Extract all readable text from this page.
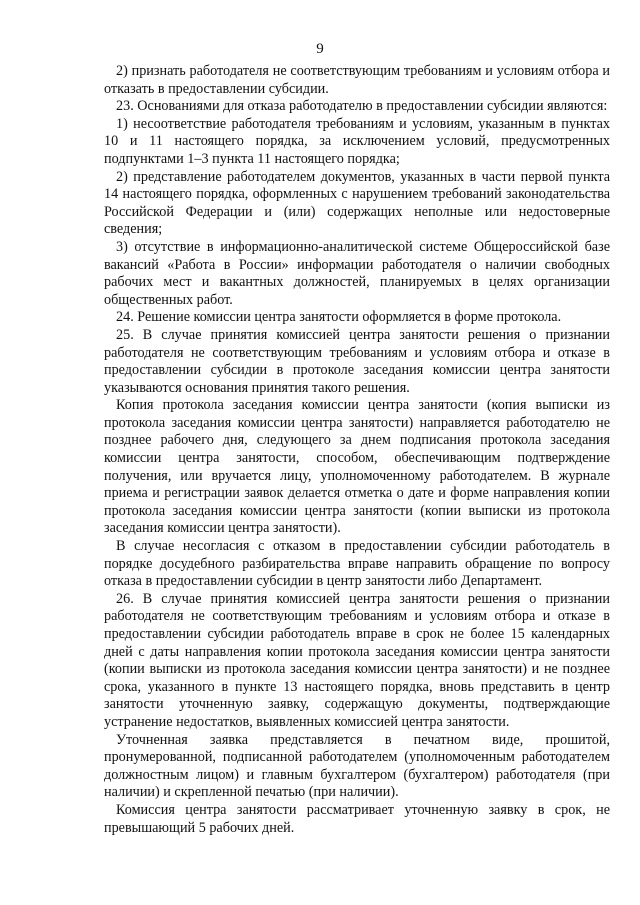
9

2) признать работодателя не соответствующим требованиям и условиям отбора и отказать в предоставлении субсидии.

23. Основаниями для отказа работодателю в предоставлении субсидии являются:

1) несоответствие работодателя требованиям и условиям, указанным в пунктах 10 и 11 настоящего порядка, за исключением условий, предусмотренных подпунктами 1–3 пункта 11 настоящего порядка;

2) представление работодателем документов, указанных в части первой пункта 14 настоящего порядка, оформленных с нарушением требований законодательства Российской Федерации и (или) содержащих неполные или недостоверные сведения;

3) отсутствие в информационно-аналитической системе Общероссийской базе вакансий «Работа в России» информации работодателя о наличии свободных рабочих мест и вакантных должностей, планируемых в целях организации общественных работ.

24. Решение комиссии центра занятости оформляется в форме протокола.

25. В случае принятия комиссией центра занятости решения о признании работодателя не соответствующим требованиям и условиям отбора и отказе в предоставлении субсидии в протоколе заседания комиссии центра занятости указываются основания принятия такого решения.

Копия протокола заседания комиссии центра занятости (копия выписки из протокола заседания комиссии центра занятости) направляется работодателю не позднее рабочего дня, следующего за днем подписания протокола заседания комиссии центра занятости, способом, обеспечивающим подтверждение получения, или вручается лицу, уполномоченному работодателем. В журнале приема и регистрации заявок делается отметка о дате и форме направления копии протокола заседания комиссии центра занятости (копии выписки из протокола заседания комиссии центра занятости).

В случае несогласия с отказом в предоставлении субсидии работодатель в порядке досудебного разбирательства вправе направить обращение по вопросу отказа в предоставлении субсидии в центр занятости либо Департамент.

26. В случае принятия комиссией центра занятости решения о признании работодателя не соответствующим требованиям и условиям отбора и отказе в предоставлении субсидии работодатель вправе в срок не более 15 календарных дней с даты направления копии протокола заседания комиссии центра занятости (копии выписки из протокола заседания комиссии центра занятости) и не позднее срока, указанного в пункте 13 настоящего порядка, вновь представить в центр занятости уточненную заявку, содержащую документы, подтверждающие устранение недостатков, выявленных комиссией центра занятости.

Уточненная заявка представляется в печатном виде, прошитой, пронумерованной, подписанной работодателем (уполномоченным работодателем должностным лицом) и главным бухгалтером (бухгалтером) работодателя (при наличии) и скрепленной печатью (при наличии).

Комиссия центра занятости рассматривает уточненную заявку в срок, не превышающий 5 рабочих дней.
